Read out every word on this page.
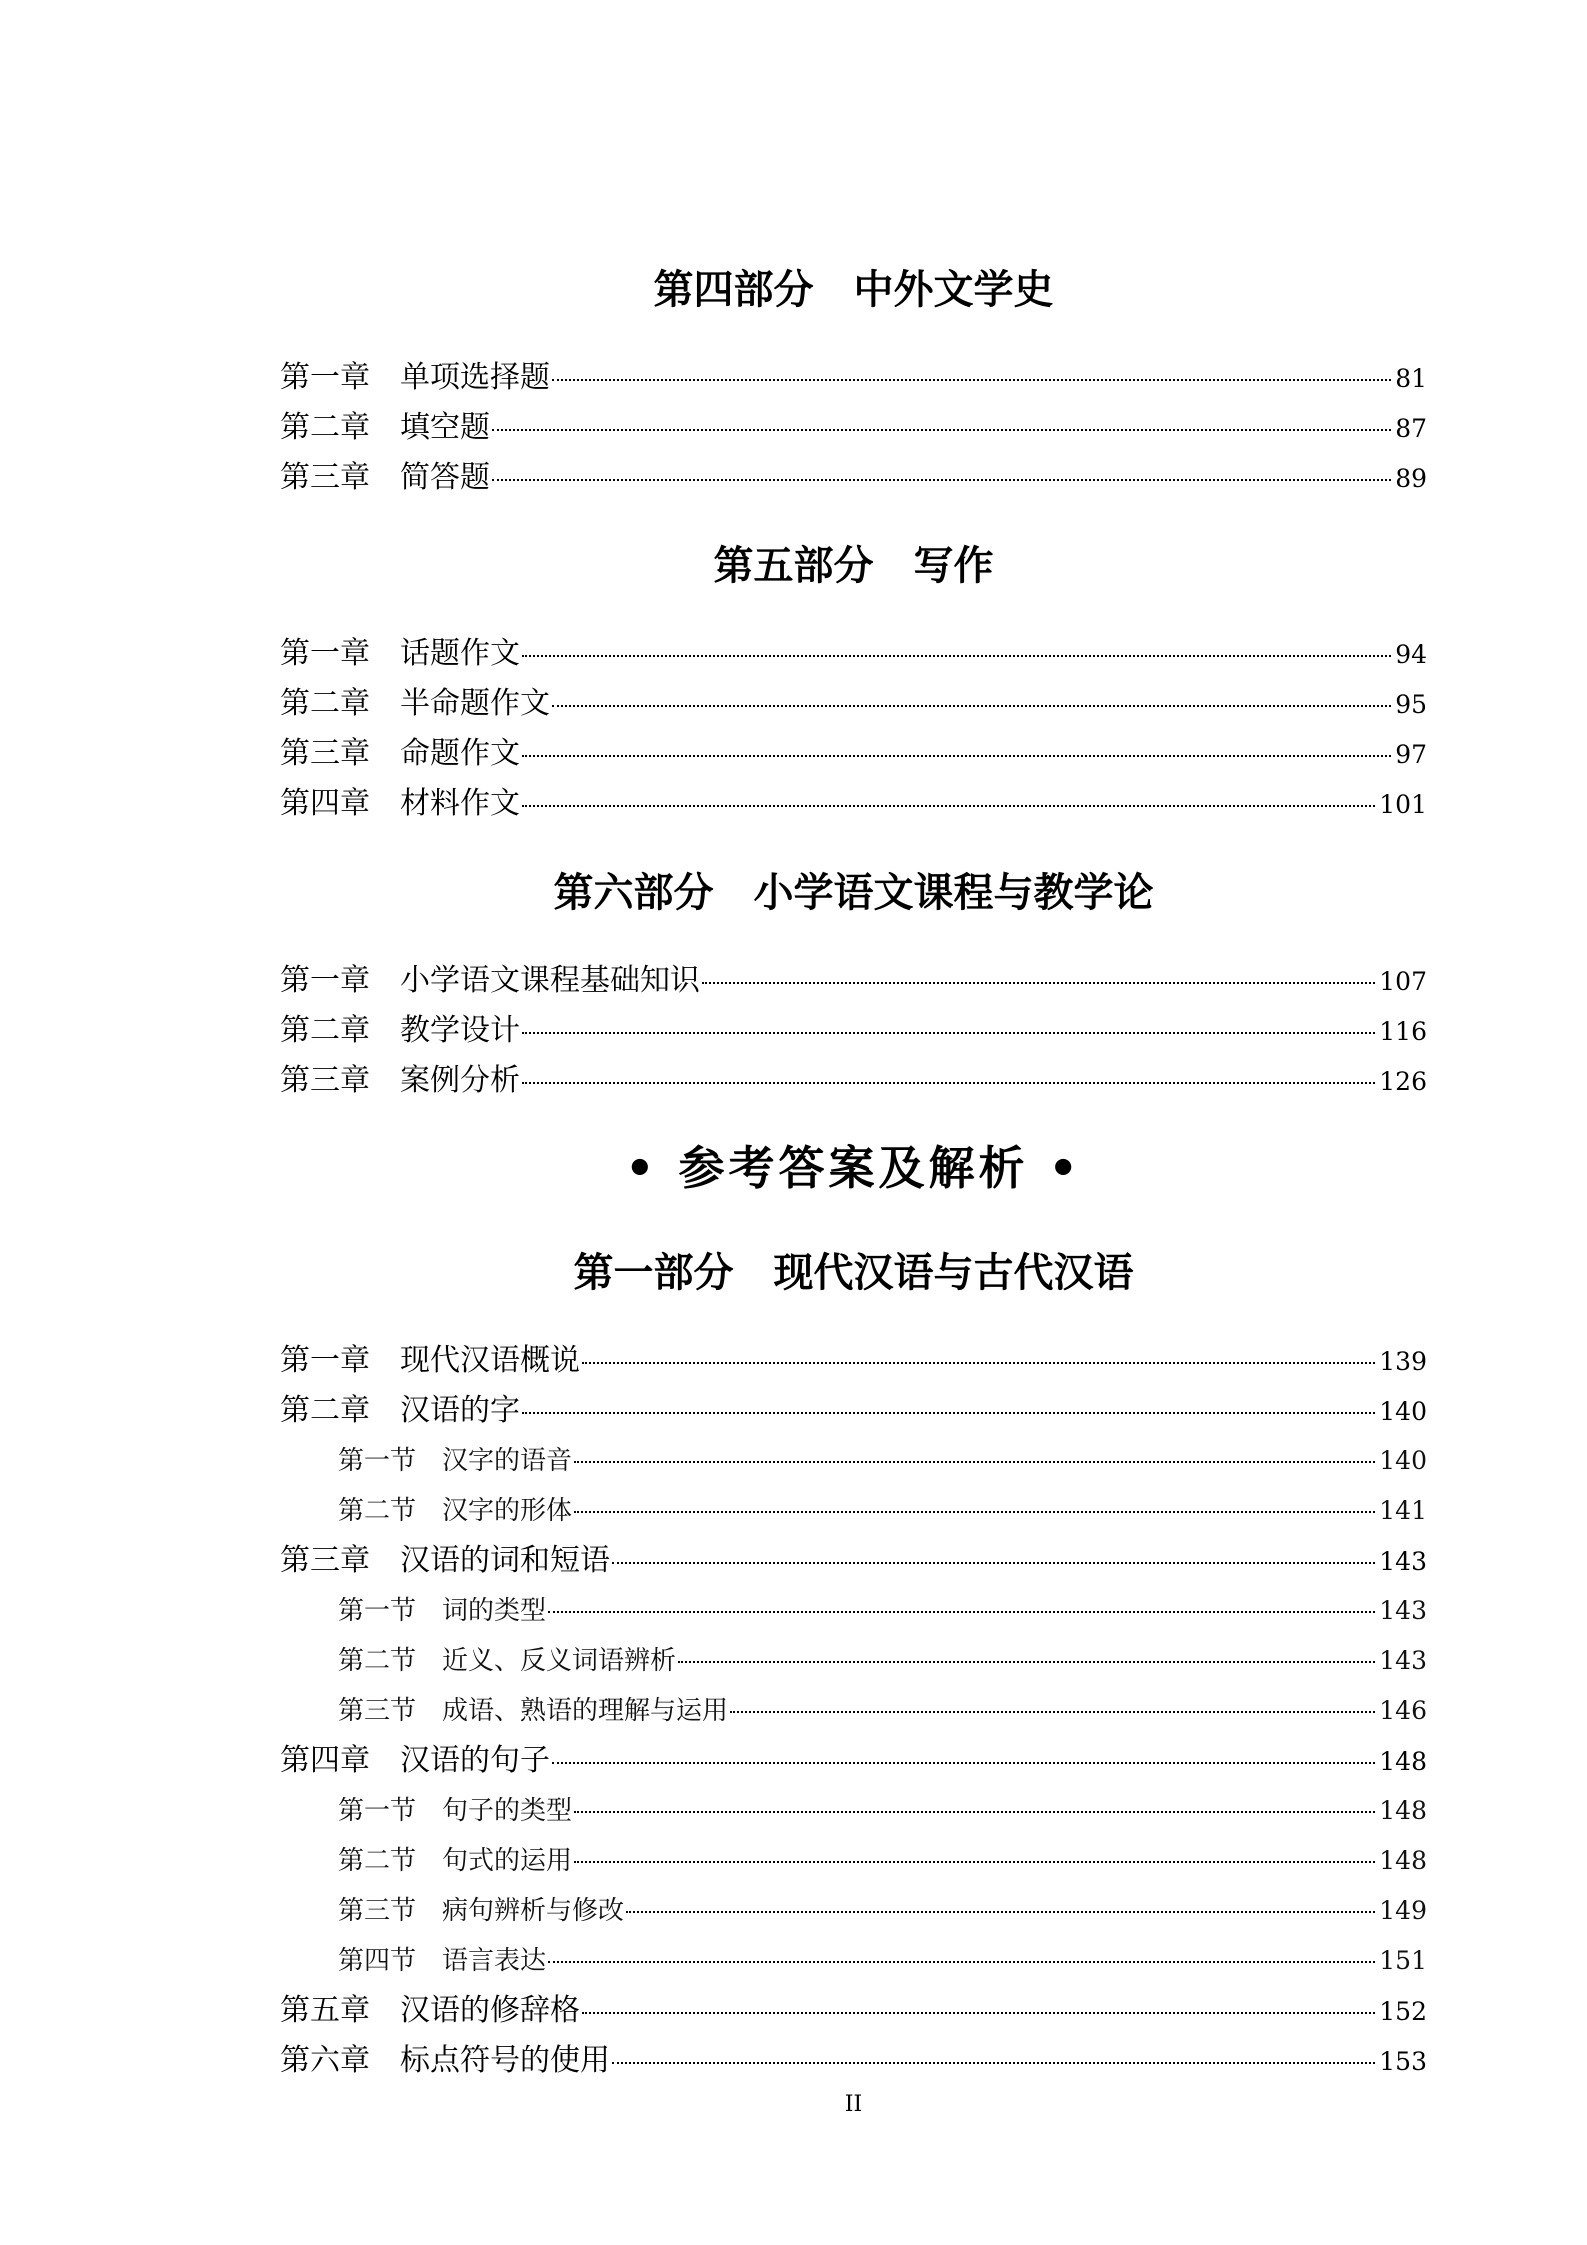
第四部分　中外文学史
第一章　单项选择题	81
第二章　填空题	87
第三章　简答题	89
第五部分　写作
第一章　话题作文	94
第二章　半命题作文	95
第三章　命题作文	97
第四章　材料作文	101
第六部分　小学语文课程与教学论
第一章　小学语文课程基础知识	107
第二章　教学设计	116
第三章　案例分析	126
• 参考答案及解析 •
第一部分　现代汉语与古代汉语
第一章　现代汉语概说	139
第二章　汉语的字	140
第一节　汉字的语音	140
第二节　汉字的形体	141
第三章　汉语的词和短语	143
第一节　词的类型	143
第二节　近义、反义词语辨析	143
第三节　成语、熟语的理解与运用	146
第四章　汉语的句子	148
第一节　句子的类型	148
第二节　句式的运用	148
第三节　病句辨析与修改	149
第四节　语言表达	151
第五章　汉语的修辞格	152
第六章　标点符号的使用	153
II
